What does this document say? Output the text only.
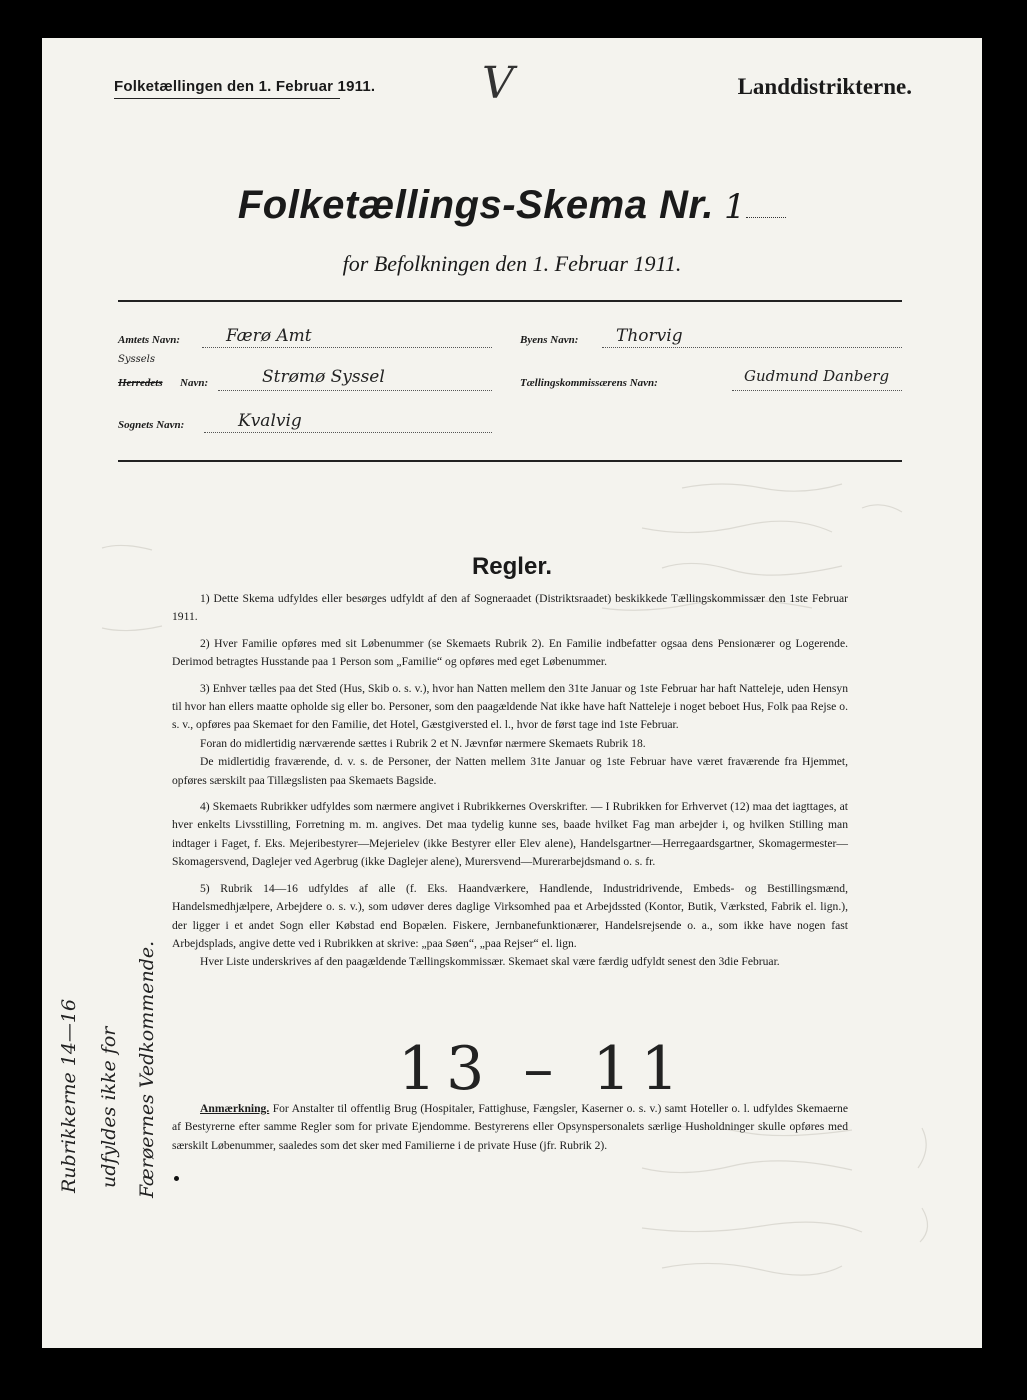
Folketællingen den 1. Februar 1911. V	Landdistrikterne.
Folketællings-Skema Nr. 1
for Befolkningen den 1. Februar 1911.
Amtets Navn:	Færø Amt
Syssels
Herredets Navn:	Strømø Syssel
Sognets Navn:	Kvalvig
Byens Navn: Thorvig
Tællingskommissærens Navn:	Gudmund Danberg
Regler.

1) Dette Skema udfyldes eller besørges udfyldt af den af Sogneraadet (Distriktsraadet) beskikkede Tællingskommissær den 1ste Februar 1911.

2) Hver Familie opføres med sit Løbenummer (se Skemaets Rubrik 2). En Familie indbefatter ogsaa dens Pensionærer og Logerende. Derimod betragtes Husstande paa 1 Person som „Familie“ og opføres med eget Løbenummer.

3) Enhver tælles paa det Sted (Hus, Skib o. s. v.), hvor han Natten mellem den 31te Januar og 1ste Februar har haft Natteleje, uden Hensyn til hvor han ellers maatte opholde sig eller bo. Personer, som den paagældende Nat ikke have haft Natteleje i noget beboet Hus, Folk paa Rejse o. s. v., opføres paa Skemaet for den Familie, det Hotel, Gæstgiversted el. l., hvor de først tage ind 1ste Februar.

Foran do midlertidig nærværende sættes i Rubrik 2 et N. Jævnfør nærmere Skemaets Rubrik 18.

De midlertidig fraværende, d. v. s. de Personer, der Natten mellem 31te Januar og 1ste Februar have været fraværende fra Hjemmet, opføres særskilt paa Tillægslisten paa Skemaets Bagside.

4) Skemaets Rubrikker udfyldes som nærmere angivet i Rubrikkernes Overskrifter. — I Rubrikken for Erhvervet (12) maa det iagttages, at hver enkelts Livsstilling, Forretning m. m. angives. Det maa tydelig kunne ses, baade hvilket Fag man arbejder i, og hvilken Stilling man indtager i Faget, f. Eks. Mejeribestyrer—Mejerielev (ikke Bestyrer eller Elev alene), Handelsgartner—Herregaardsgartner, Skomagermester—Skomagersvend, Daglejer ved Agerbrug (ikke Daglejer alene), Murersvend—Murerarbejdsmand o. s. fr.

5) Rubrik 14—16 udfyldes af alle (f. Eks. Haandværkere, Handlende, Industridrivende, Embeds- og Bestillingsmænd, Handelsmedhjælpere, Arbejdere o. s. v.), som udøver deres daglige Virksomhed paa et Arbejdssted (Kontor, Butik, Værksted, Fabrik el. lign.), der ligger i et andet Sogn eller Købstad end Bopælen. Fiskere, Jernbanefunktionærer, Handelsrejsende o. a., som ikke have nogen fast Arbejdsplads, angive dette ved i Rubrikken at skrive: „paa Søen“, „paa Rejser“ el. lign.

Hver Liste underskrives af den paagældende Tællingskommissær. Skemaet skal være færdig udfyldt senest den 3die Februar.

13 – 11

Anmærkning. For Anstalter til offentlig Brug (Hospitaler, Fattighuse, Fængsler, Kaserner o. s. v.) samt Hoteller o. l. udfyldes Skemaerne af Bestyrerne efter samme Regler som for private Ejendomme. Bestyrerens eller Opsynspersonalets særlige Husholdninger skulle opføres med særskilt Løbenummer, saaledes som det sker med Familierne i de private Huse (jfr. Rubrik 2).

Rubrikkerne 14—16 udfyldes ikke for Færøernes Vedkommende.
